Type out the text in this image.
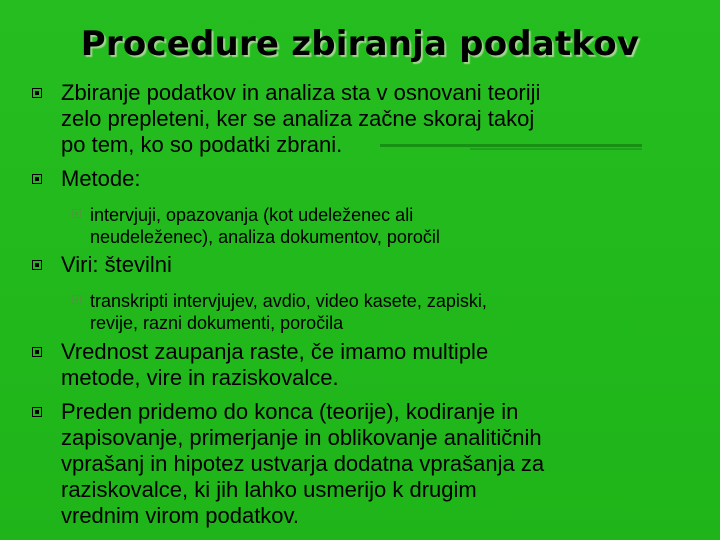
Procedure zbiranja podatkov
Zbiranje podatkov in analiza sta v osnovani teoriji
zelo prepleteni, ker se analiza začne skoraj takoj
po tem, ko so podatki zbrani.
Metode:
intervjuji, opazovanja (kot udeleženec ali
neudeleženec), analiza dokumentov, poročil
Viri: številni
transkripti intervjujev, avdio, video kasete, zapiski,
revije, razni dokumenti, poročila
Vrednost zaupanja raste, če imamo multiple
metode, vire in raziskovalce.
Preden pridemo do konca (teorije), kodiranje in
zapisovanje, primerjanje in oblikovanje analitičnih
vprašanj in hipotez ustvarja dodatna vprašanja za
raziskovalce, ki jih lahko usmerijo k drugim
vrednim virom podatkov.
